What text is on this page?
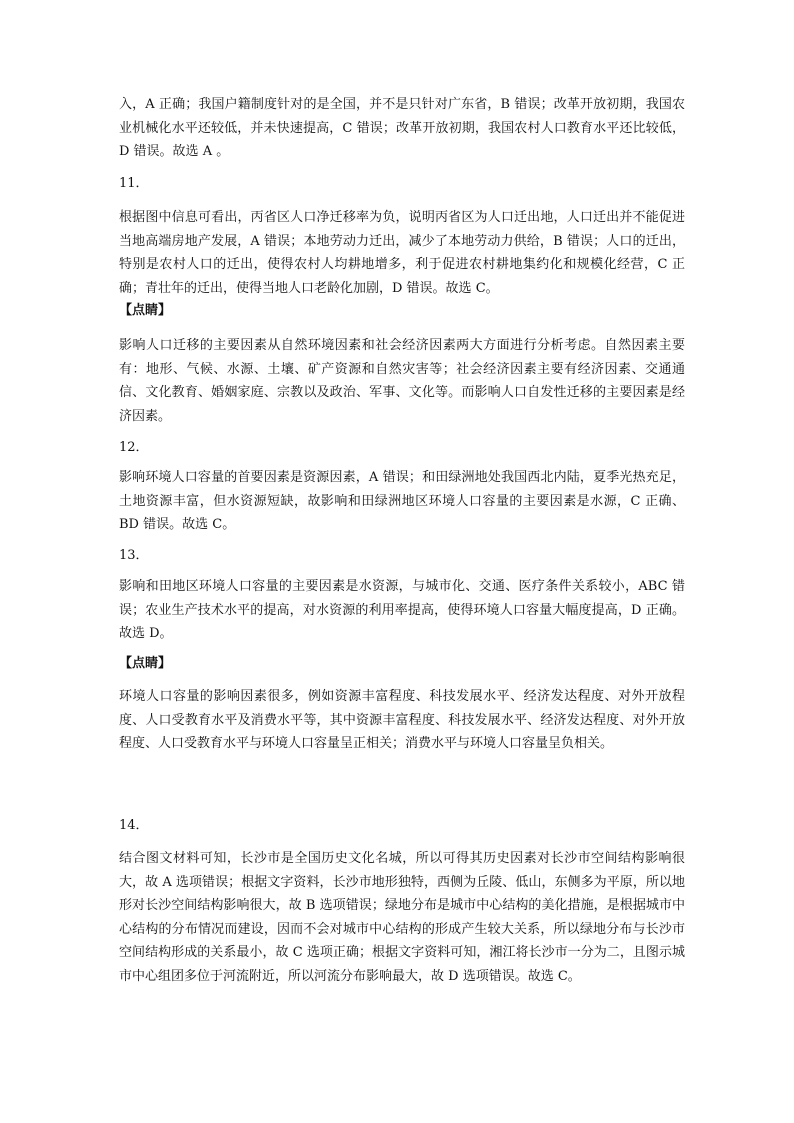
入，A 正确；我国户籍制度针对的是全国，并不是只针对广东省，B 错误；改革开放初期，我国农业机械化水平还较低，并未快速提高，C 错误；改革开放初期，我国农村人口教育水平还比较低，D 错误。故选 A 。

11．

根据图中信息可看出，丙省区人口净迁移率为负，说明丙省区为人口迁出地，人口迁出并不能促进当地高端房地产发展，A 错误；本地劳动力迁出，减少了本地劳动力供给，B 错误；人口的迁出，特别是农村人口的迁出，使得农村人均耕地增多，利于促进农村耕地集约化和规模化经营，C 正确；青壮年的迁出，使得当地人口老龄化加剧，D 错误。故选 C。

【点睛】

影响人口迁移的主要因素从自然环境因素和社会经济因素两大方面进行分析考虑。自然因素主要有：地形、气候、水源、土壤、矿产资源和自然灾害等；社会经济因素主要有经济因素、交通通信、文化教育、婚姻家庭、宗教以及政治、军事、文化等。而影响人口自发性迁移的主要因素是经济因素。

12．

影响环境人口容量的首要因素是资源因素，A 错误；和田绿洲地处我国西北内陆，夏季光热充足，土地资源丰富，但水资源短缺，故影响和田绿洲地区环境人口容量的主要因素是水源，C 正确、BD 错误。故选 C。

13．

影响和田地区环境人口容量的主要因素是水资源，与城市化、交通、医疗条件关系较小，ABC 错误；农业生产技术水平的提高，对水资源的利用率提高，使得环境人口容量大幅度提高，D 正确。故选 D。

【点睛】

环境人口容量的影响因素很多，例如资源丰富程度、科技发展水平、经济发达程度、对外开放程度、人口受教育水平及消费水平等，其中资源丰富程度、科技发展水平、经济发达程度、对外开放程度、人口受教育水平与环境人口容量呈正相关；消费水平与环境人口容量呈负相关。

14．

结合图文材料可知，长沙市是全国历史文化名城，所以可得其历史因素对长沙市空间结构影响很大，故 A 选项错误；根据文字资料，长沙市地形独特，西侧为丘陵、低山，东侧多为平原，所以地形对长沙空间结构影响很大，故 B 选项错误；绿地分布是城市中心结构的美化措施，是根据城市中心结构的分布情况而建设，因而不会对城市中心结构的形成产生较大关系，所以绿地分布与长沙市空间结构形成的关系最小，故 C 选项正确；根据文字资料可知，湘江将长沙市一分为二，且图示城市中心组团多位于河流附近，所以河流分布影响最大，故 D 选项错误。故选 C。
